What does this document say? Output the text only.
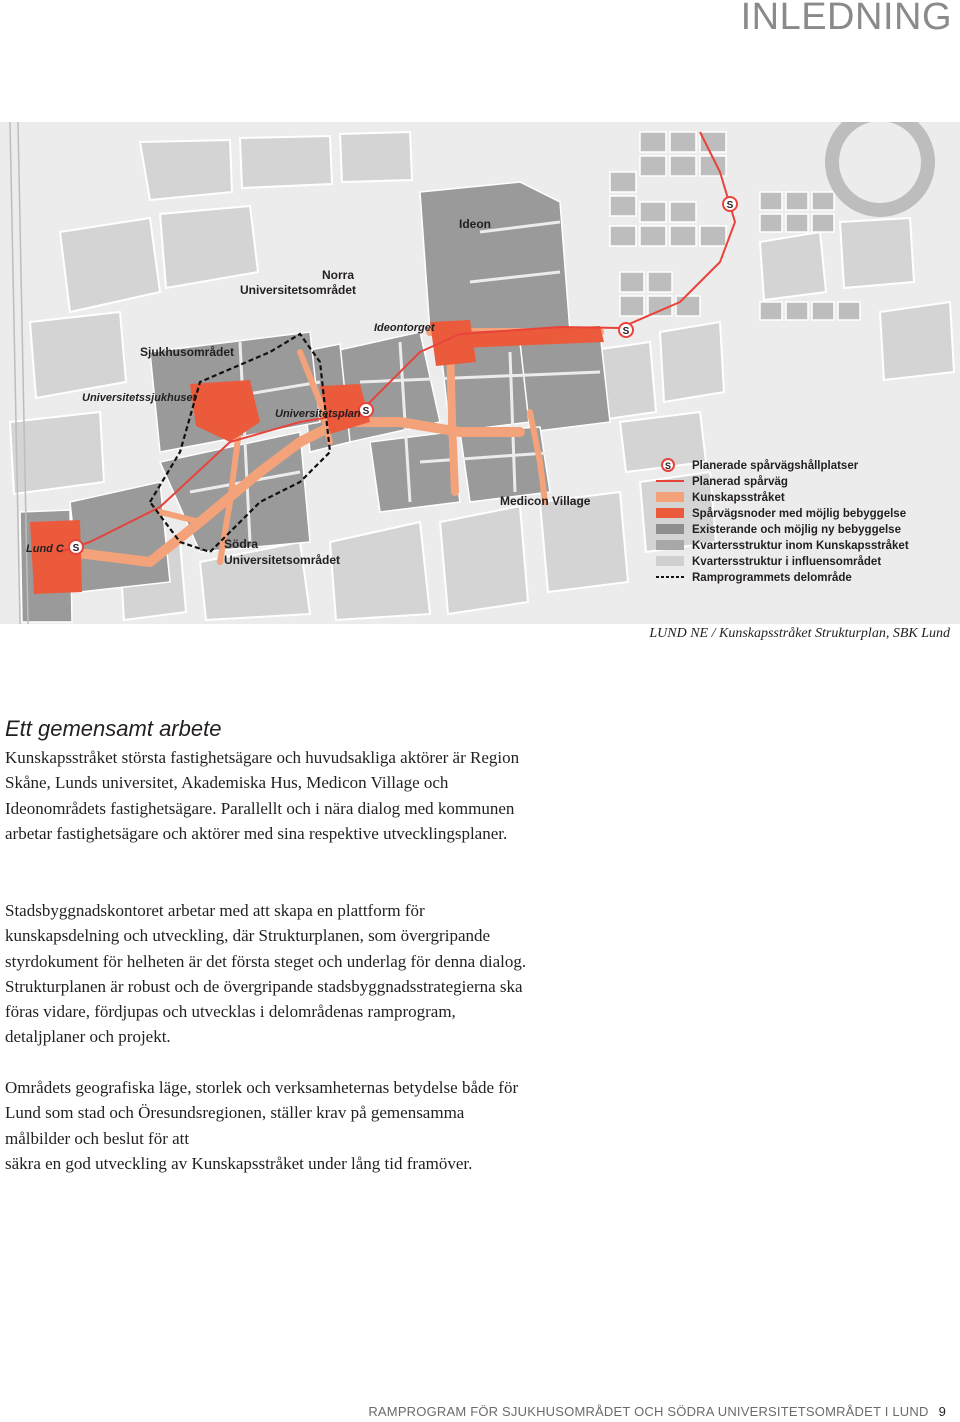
INLEDNING
S
S
S
S
Ideon
Norra
Universitetsområdet
Ideontorget
Sjukhusområdet
Universitetssjukhuset
Universitetsplan
Medicon Village
Södra
Universitetsområdet
Lund C
S Planerade spårvägshållplatser
Planerad spårväg
Kunskapsstråket
Spårvägsnoder med möjlig bebyggelse
Existerande och möjlig ny bebyggelse
Kvartersstruktur inom Kunskapsstråket
Kvartersstruktur i influensområdet
Ramprogrammets delområde
LUND NE / Kunskapsstråket Strukturplan, SBK Lund
Ett gemensamt arbete

Kunskapsstråket största fastighetsägare och huvudsakliga aktörer är Region Skåne, Lunds universitet, Akademiska Hus, Medicon Village och Ideonområdets fastighetsägare. Parallellt och i nära dialog med kommunen arbetar fastighetsägare och aktörer med sina respektive utvecklingsplaner.

Stadsbyggnadskontoret arbetar med att skapa en plattform för kunskapsdelning och utveckling, där Strukturplanen, som övergripande styrdokument för helheten är det första steget och underlag för denna dialog. Strukturplanen är robust och de övergripande stadsbyggnadsstrategierna ska föras vidare, fördjupas och utvecklas i delområdenas ramprogram, detaljplaner och projekt.

Områdets geografiska läge, storlek och verksamheternas betydelse både för Lund som stad och Öresundsregionen, ställer krav på gemensamma målbilder och beslut för att

säkra en god utveckling av Kunskapsstråket under lång tid framöver.

RAMPROGRAM FÖR SJUKHUSOMRÅDET OCH SÖDRA UNIVERSITETSOMRÅDET I LUND 9
